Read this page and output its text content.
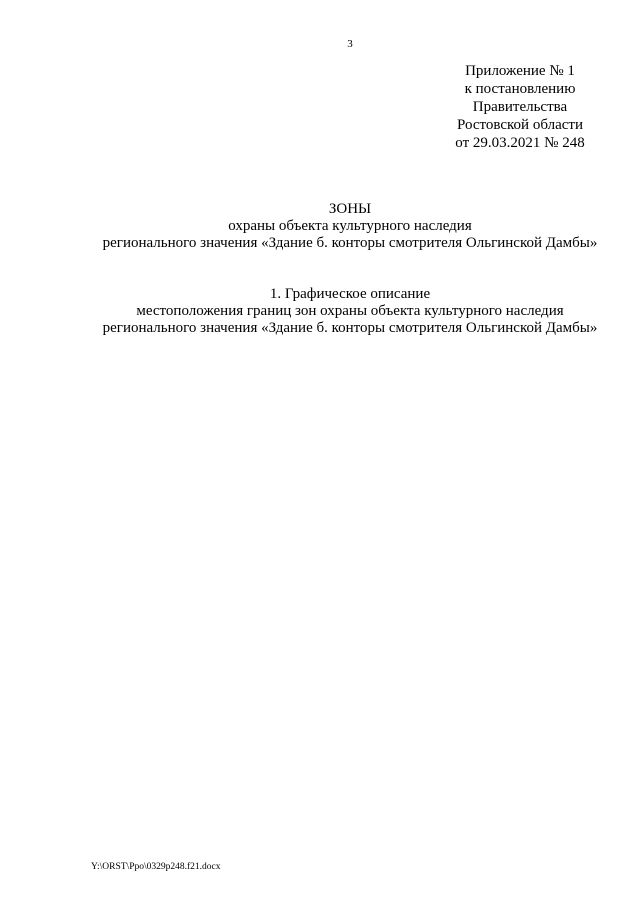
3
Приложение № 1
к постановлению
Правительства
Ростовской области
от 29.03.2021 № 248
ЗОНЫ
охраны объекта культурного наследия
регионального значения «Здание б. конторы смотрителя Ольгинской Дамбы»
1. Графическое описание
местоположения границ зон охраны объекта культурного наследия
регионального значения «Здание б. конторы смотрителя Ольгинской Дамбы»
Y:\ORST\Ppo\0329p248.f21.docx
